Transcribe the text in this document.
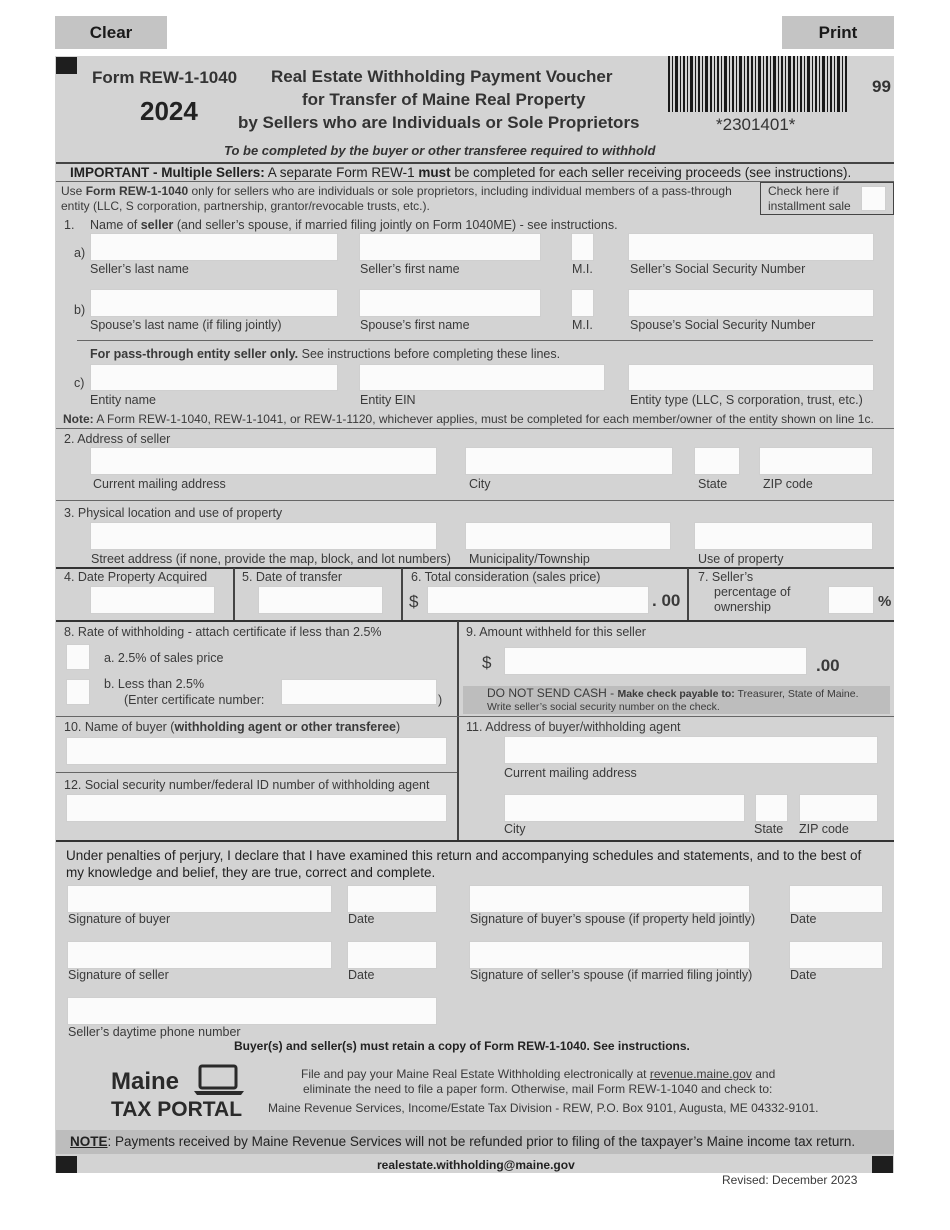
Clear	Print
Form REW-1-1040
2024
Real Estate Withholding Payment Voucher
for Transfer of Maine Real Property
by Sellers who are Individuals or Sole Proprietors	*2301401*
99
To be completed by the buyer or other transferee required to withhold
IMPORTANT - Multiple Sellers: A separate Form REW-1 must be completed for each seller receiving proceeds (see instructions).
Use Form REW-1-1040 only for sellers who are individuals or sole proprietors, including individual members of a pass-through
entity (LLC, S corporation, partnership, grantor/revocable trusts, etc.).
Check here if
installment sale
1. Name of seller (and seller’s spouse, if married filing jointly on Form 1040ME) - see instructions.
a)
Seller’s last name	Seller’s first name	M.I.	Seller’s Social Security Number
b)
Spouse’s last name (if filing jointly)	Spouse’s first name	M.I.	Spouse’s Social Security Number
For pass-through entity seller only. See instructions before completing these lines.
c)
Entity name	Entity EIN	Entity type (LLC, S corporation, trust, etc.)
Note: A Form REW-1-1040, REW-1-1041, or REW-1-1120, whichever applies, must be completed for each member/owner of the entity shown on line 1c.
2. Address of seller
Current mailing address	City	State	ZIP code
3. Physical location and use of property
Street address (if none, provide the map, block, and lot numbers) Municipality/Township	Use of property
4. Date Property Acquired	5. Date of transfer	6. Total consideration (sales price)
$	. 00
7. Seller’s
percentage of
ownership	%
8. Rate of withholding - attach certificate if less than 2.5%
a. 2.5% of sales price
b. Less than 2.5%
(Enter certificate number:	)
9. Amount withheld for this seller
$	.00
DO NOT SEND CASH - Make check payable to: Treasurer, State of Maine.
Write seller’s social security number on the check.
10. Name of buyer (withholding agent or other transferee)
12. Social security number/federal ID number of withholding agent
11. Address of buyer/withholding agent
Current mailing address
City	State ZIP code
Under penalties of perjury, I declare that I have examined this return and accompanying schedules and statements, and to the best of
my knowledge and belief, they are true, correct and complete.
Signature of buyer	Date	Signature of buyer’s spouse (if property held jointly)	Date
Signature of seller	Date	Signature of seller’s spouse (if married filing jointly)	Date
Seller’s daytime phone number
Buyer(s) and seller(s) must retain a copy of Form REW-1-1040. See instructions.
Maine
TAX PORTAL
File and pay your Maine Real Estate Withholding electronically at revenue.maine.gov and
eliminate the need to file a paper form. Otherwise, mail Form REW-1-1040 and check to:
Maine Revenue Services, Income/Estate Tax Division - REW, P.O. Box 9101, Augusta, ME 04332-9101.
NOTE: Payments received by Maine Revenue Services will not be refunded prior to filing of the taxpayer’s Maine income tax return.
realestate.withholding@maine.gov
Revised: December 2023
